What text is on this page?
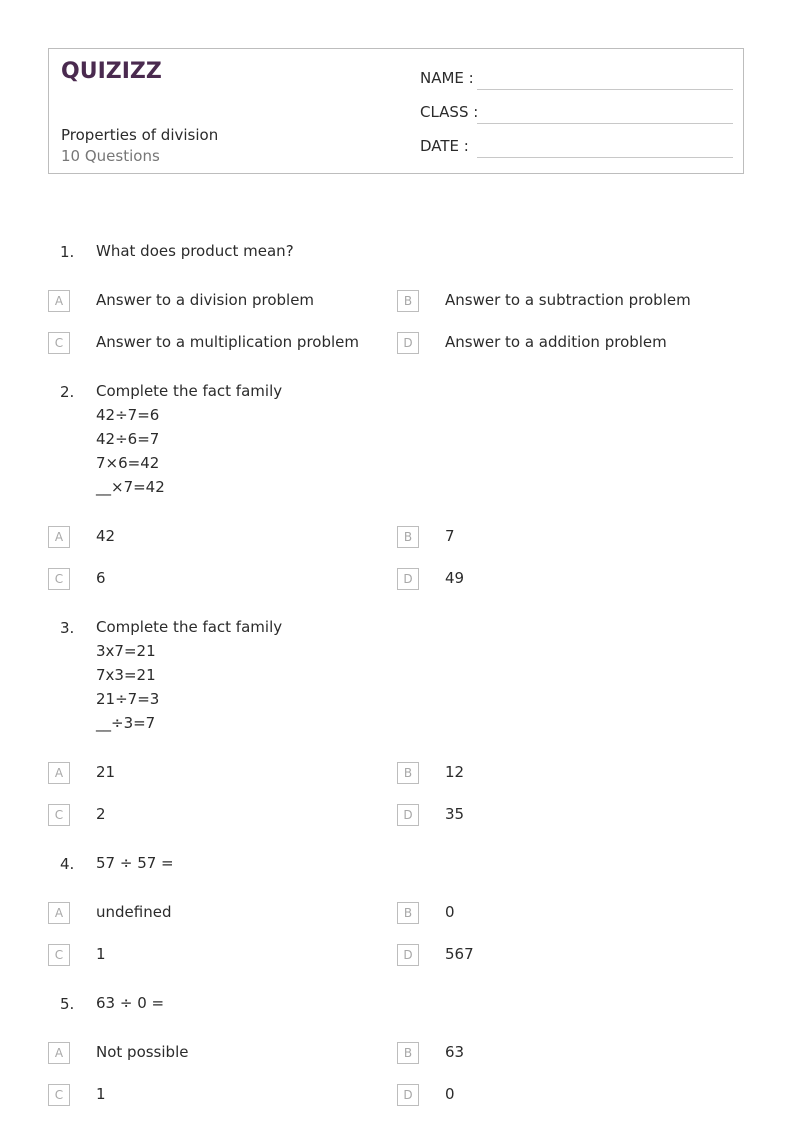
QUIZIZZ
Properties of division
10 Questions
NAME :
CLASS :
DATE :
1. What does product mean?
A	Answer to a division problem	B	Answer to a subtraction problem
C	Answer to a multiplication problem	D	Answer to a addition problem
2. Complete the fact family
42÷7=6
42÷6=7
7×6=42
__×7=42
A	42	B	7
C	6	D	49
3. Complete the fact family
3x7=21
7x3=21
21÷7=3
__÷3=7
A	21	B	12
C	2	D	35
4. 57 ÷ 57 =
A	undefined	B	0
C	1	D	567
5. 63 ÷ 0 =
A	Not possible	B	63
C	1	D	0
